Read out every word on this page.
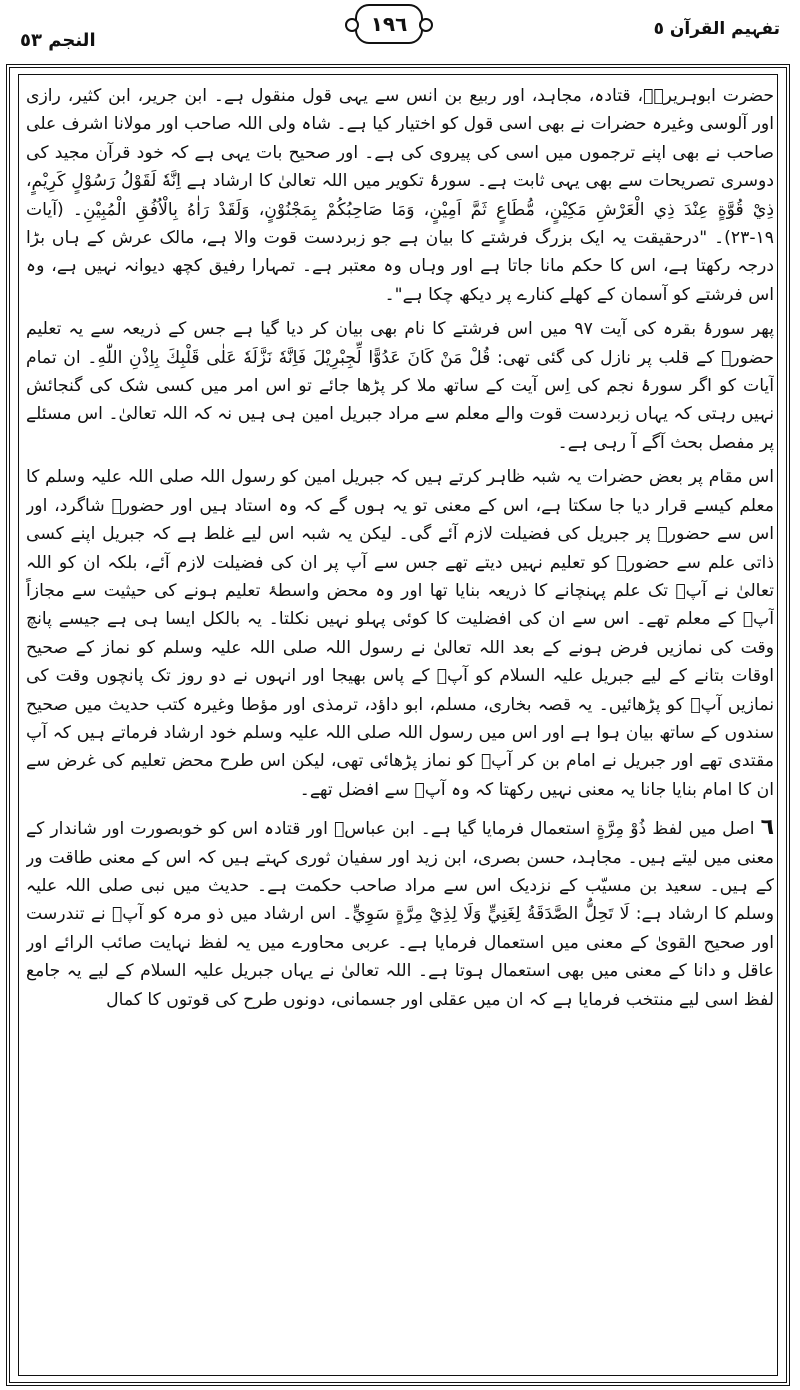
النجم ٥٣
١٩٦	تفہیم القرآن ٥

حضرت ابوہریرہؓ، قتادہ، مجاہد، اور ربیع بن انس سے یہی قول منقول ہے۔ ابن جریر، ابن کثیر، رازی اور آلوسی وغیرہ حضرات نے بھی اسی قول کو اختیار کیا ہے۔ شاہ ولی اللہ صاحب اور مولانا اشرف علی صاحب نے بھی اپنے ترجموں میں اسی کی پیروی کی ہے۔ اور صحیح بات یہی ہے کہ خود قرآن مجید کی دوسری تصریحات سے بھی یہی ثابت ہے۔ سورۂ تکویر میں اللہ تعالیٰ کا ارشاد ہے اِنَّهٗ لَقَوْلُ رَسُوْلٍ كَرِيْمٍ، ذِيْ قُوَّةٍ عِنْدَ ذِي الْعَرْشِ مَكِيْنٍ، مُّطَاعٍ ثَمَّ اَمِيْنٍ، وَمَا صَاحِبُكُمْ بِمَجْنُوْنٍ، وَلَقَدْ رَاٰهُ بِالْاُفُقِ الْمُبِيْنِ۔ (آیات ١٩-٢٣)۔ "درحقیقت یہ ایک بزرگ فرشتے کا بیان ہے جو زبردست قوت والا ہے، مالک عرش کے ہاں بڑا درجہ رکھتا ہے، اس کا حکم مانا جاتا ہے اور وہاں وہ معتبر ہے۔ تمہارا رفیق کچھ دیوانہ نہیں ہے، وہ اس فرشتے کو آسمان کے کھلے کنارے پر دیکھ چکا ہے"۔

پھر سورۂ بقرہ کی آیت ٩٧ میں اس فرشتے کا نام بھی بیان کر دیا گیا ہے جس کے ذریعہ سے یہ تعلیم حضورؐ کے قلب پر نازل کی گئی تھی: قُلْ مَنْ كَانَ عَدُوًّا لِّجِبْرِيْلَ فَاِنَّهٗ نَزَّلَهٗ عَلٰى قَلْبِكَ بِاِذْنِ اللّٰهِ۔ ان تمام آیات کو اگر سورۂ نجم کی اِس آیت کے ساتھ ملا کر پڑھا جائے تو اس امر میں کسی شک کی گنجائش نہیں رہتی کہ یہاں زبردست قوت والے معلم سے مراد جبریل امین ہی ہیں نہ کہ اللہ تعالیٰ۔ اس مسئلے پر مفصل بحث آگے آ رہی ہے۔

اس مقام پر بعض حضرات یہ شبہ ظاہر کرتے ہیں کہ جبریل امین کو رسول اللہ صلی اللہ علیہ وسلم کا معلم کیسے قرار دیا جا سکتا ہے، اس کے معنی تو یہ ہوں گے کہ وہ استاد ہیں اور حضورؐ شاگرد، اور اس سے حضورؐ پر جبریل کی فضیلت لازم آئے گی۔ لیکن یہ شبہ اس لیے غلط ہے کہ جبریل اپنے کسی ذاتی علم سے حضورؐ کو تعلیم نہیں دیتے تھے جس سے آپ پر ان کی فضیلت لازم آئے، بلکہ ان کو اللہ تعالیٰ نے آپؐ تک علم پہنچانے کا ذریعہ بنایا تھا اور وہ محض واسطۂ تعلیم ہونے کی حیثیت سے مجازاً آپؐ کے معلم تھے۔ اس سے ان کی افضلیت کا کوئی پہلو نہیں نکلتا۔ یہ بالکل ایسا ہی ہے جیسے پانچ وقت کی نمازیں فرض ہونے کے بعد اللہ تعالیٰ نے رسول اللہ صلی اللہ علیہ وسلم کو نماز کے صحیح اوقات بتانے کے لیے جبریل علیہ السلام کو آپؐ کے پاس بھیجا اور انہوں نے دو روز تک پانچوں وقت کی نمازیں آپؐ کو پڑھائیں۔ یہ قصہ بخاری، مسلم، ابو داؤد، ترمذی اور مؤطا وغیرہ کتب حدیث میں صحیح سندوں کے ساتھ بیان ہوا ہے اور اس میں رسول اللہ صلی اللہ علیہ وسلم خود ارشاد فرماتے ہیں کہ آپ مقتدی تھے اور جبریل نے امام بن کر آپؐ کو نماز پڑھائی تھی، لیکن اس طرح محض تعلیم کی غرض سے ان کا امام بنایا جانا یہ معنی نہیں رکھتا کہ وہ آپؐ سے افضل تھے۔

٦اصل میں لفظ ذُوْ مِرَّةٍ استعمال فرمایا گیا ہے۔ ابن عباسؓ اور قتادہ اس کو خوبصورت اور شاندار کے معنی میں لیتے ہیں۔ مجاہد، حسن بصری، ابن زید اور سفیان ثوری کہتے ہیں کہ اس کے معنی طاقت ور کے ہیں۔ سعید بن مسیّب کے نزدیک اس سے مراد صاحب حکمت ہے۔ حدیث میں نبی صلی اللہ علیہ وسلم کا ارشاد ہے: لَا تَحِلُّ الصَّدَقَةُ لِغَنِيٍّ وَلَا لِذِيْ مِرَّةٍ سَوِيٍّ۔ اس ارشاد میں ذو مرہ کو آپؐ نے تندرست اور صحیح القویٰ کے معنی میں استعمال فرمایا ہے۔ عربی محاورے میں یہ لفظ نہایت صائب الرائے اور عاقل و دانا کے معنی میں بھی استعمال ہوتا ہے۔ اللہ تعالیٰ نے یہاں جبریل علیہ السلام کے لیے یہ جامع لفظ اسی لیے منتخب فرمایا ہے کہ ان میں عقلی اور جسمانی، دونوں طرح کی قوتوں کا کمال
